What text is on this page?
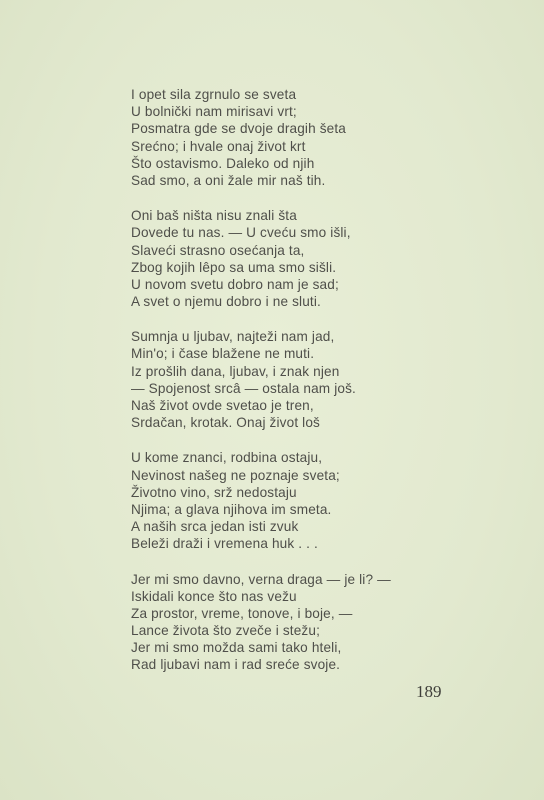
I opet sila zgrnulo se sveta
U bolnički nam mirisavi vrt;
Posmatra gde se dvoje dragih šeta
Srećno; i hvale onaj život krt
Što ostavismo. Daleko od njih
Sad smo, a oni žale mir naš tih.
Oni baš ništa nisu znali šta
Dovede tu nas. — U cveću smo išli,
Slaveći strasno osećanja ta,
Zbog kojih lêpo sa uma smo sišli.
U novom svetu dobro nam je sad;
A svet o njemu dobro i ne sluti.
Sumnja u ljubav, najteži nam jad,
Min'o; i čase blažene ne muti.
Iz prošlih dana, ljubav, i znak njen
— Spojenost srcâ — ostala nam još.
Naš život ovde svetao je tren,
Srdačan, krotak. Onaj život loš
U kome znanci, rodbina ostaju,
Nevinost našeg ne poznaje sveta;
Životno vino, srž nedostaju
Njima; a glava njihova im smeta.
A naših srca jedan isti zvuk
Beleži draži i vremena huk . . .
Jer mi smo davno, verna draga — je li? —
Iskidali konce što nas vežu
Za prostor, vreme, tonove, i boje, —
Lance života što zveče i stežu;
Jer mi smo možda sami tako hteli,
Rad ljubavi nam i rad sreće svoje.
189
